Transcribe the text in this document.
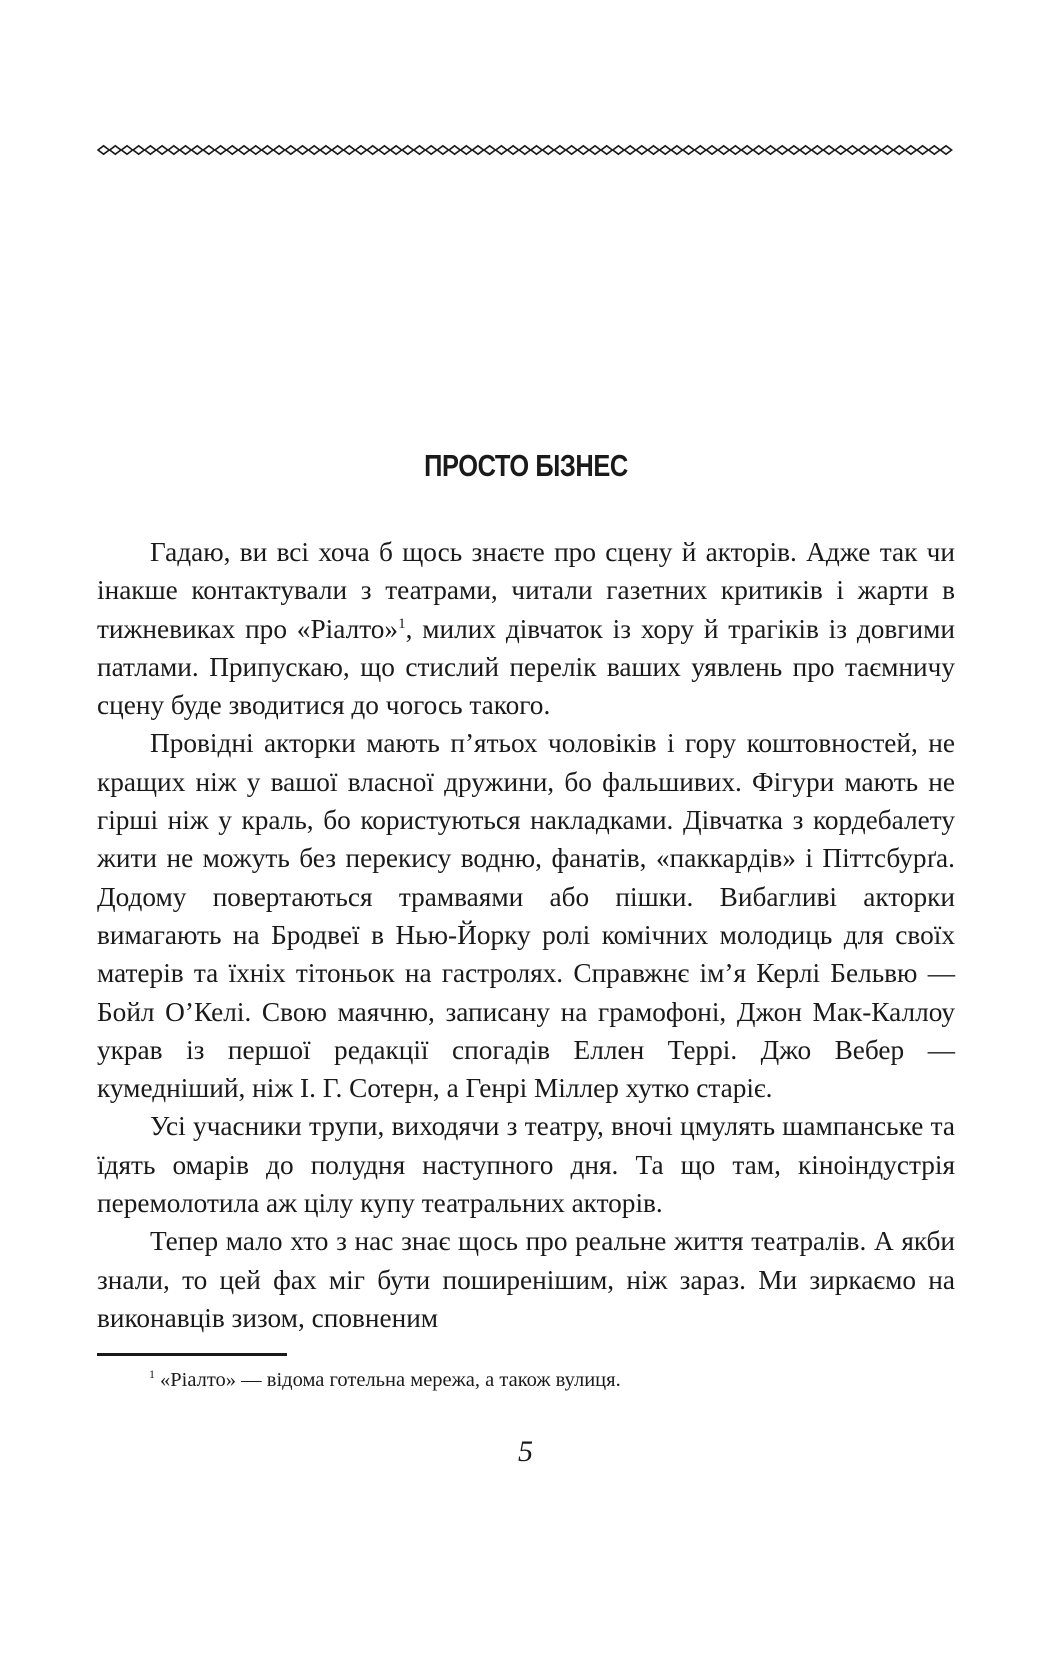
ПРОСТО БІЗНЕС

Гадаю, ви всі хоча б щось знаєте про сцену й акторів. Адже так чи інакше контактували з театрами, читали газетних критиків і жарти в тижневиках про «Ріалто»$^1$, милих дівчаток із хору й трагіків із довгими патлами. Припускаю, що стислий перелік ваших уявлень про таємничу сцену буде зводитися до чогось такого.

Провідні акторки мають п’ятьох чоловіків і гору коштовностей, не кращих ніж у вашої власної дружини, бо фальшивих. Фігури мають не гірші ніж у краль, бо користуються накладками. Дівчатка з кордебалету жити не можуть без перекису водню, фанатів, «паккардів» і Піттсбурґа. Додому повертаються трамваями або пішки. Вибагливі акторки вимагають на Бродвеї в Нью-Йорку ролі комічних молодиць для своїх матерів та їхніх тітоньок на гастролях. Справжнє ім’я Керлі Бельвю — Бойл О’Келі. Свою маячню, записану на грамофоні, Джон Мак-Каллоу украв із першої редакції спогадів Еллен Террі. Джо Вебер — кумедніший, ніж І. Г. Сотерн, а Генрі Міллер хутко старіє.

Усі учасники трупи, виходячи з театру, вночі цмулять шампанське та їдять омарів до полудня наступного дня. Та що там, кіноіндустрія перемолотила аж цілу купу театральних акторів.

Тепер мало хто з нас знає щось про реальне життя театралів. А якби знали, то цей фах міг бути поширенішим, ніж зараз. Ми зиркаємо на виконавців зизом, сповненим

$^1$ «Ріалто» — відома готельна мережа, а також вулиця.
5
